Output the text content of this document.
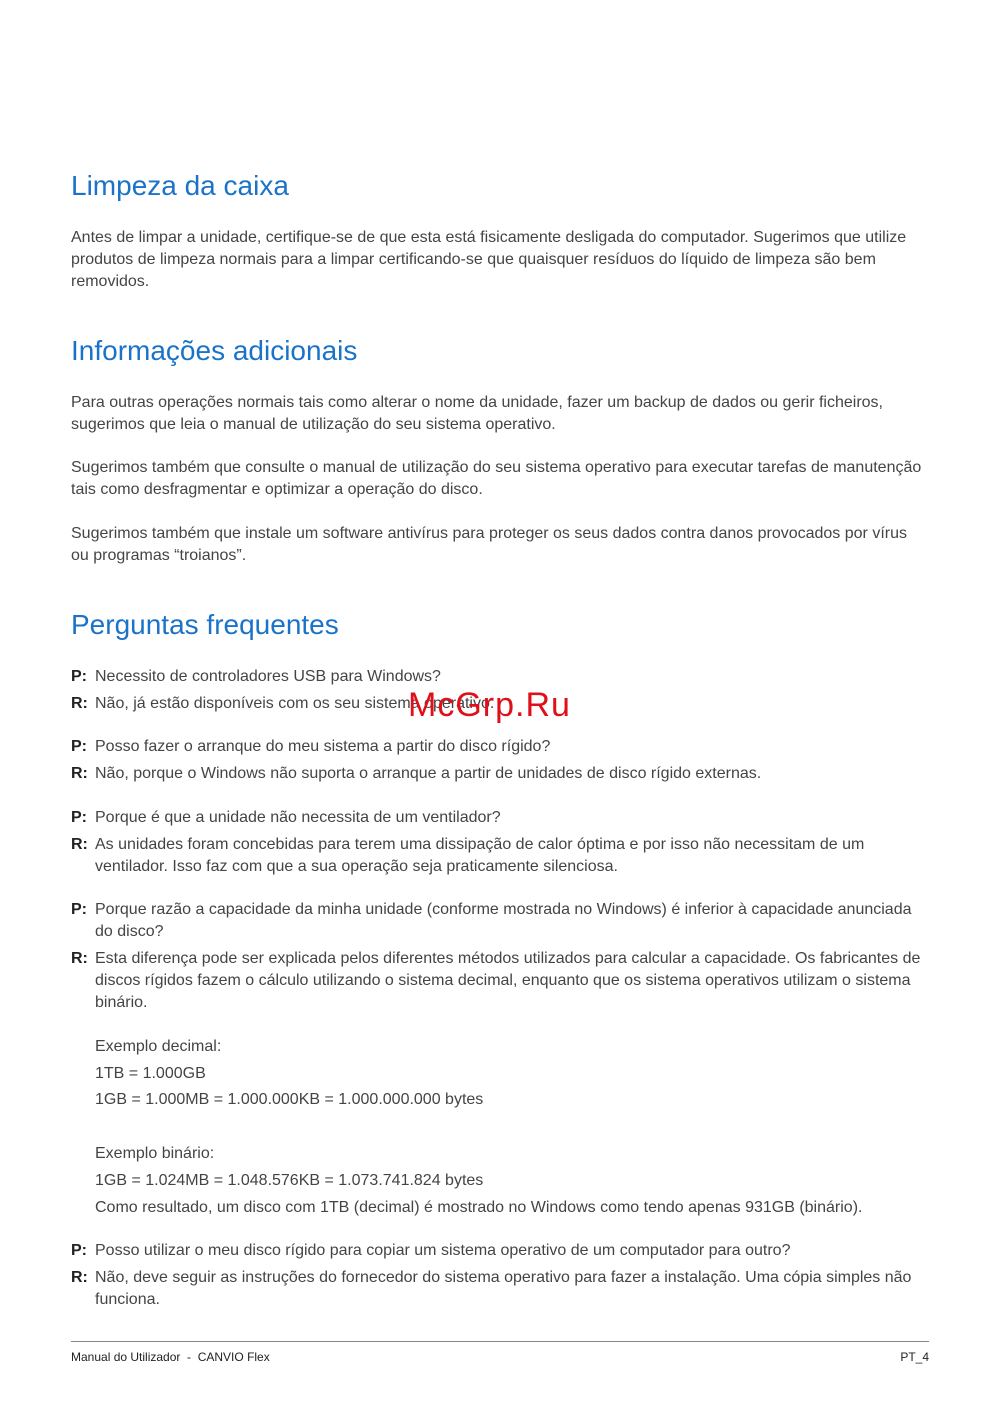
Limpeza da caixa

Antes de limpar a unidade, certifique-se de que esta está fisicamente desligada do computador. Sugerimos que utilize produtos de limpeza normais para a limpar certificando-se que quaisquer resíduos do líquido de limpeza são bem removidos.

Informações adicionais

Para outras operações normais tais como alterar o nome da unidade, fazer um backup de dados ou gerir ficheiros, sugerimos que leia o manual de utilização do seu sistema operativo.

Sugerimos também que consulte o manual de utilização do seu sistema operativo para executar tarefas de manutenção tais como desfragmentar e optimizar a operação do disco.

Sugerimos também que instale um software antivírus para proteger os seus dados contra danos provocados por vírus ou programas “troianos”.

Perguntas frequentes
P: Necessito de controladores USB para Windows?
R: Não, já estão disponíveis com os seu sistema operativo.
P: Posso fazer o arranque do meu sistema a partir do disco rígido?
R: Não, porque o Windows não suporta o arranque a partir de unidades de disco rígido externas.
P: Porque é que a unidade não necessita de um ventilador?
R: As unidades foram concebidas para terem uma dissipação de calor óptima e por isso não necessitam de um ventilador. Isso faz com que a sua operação seja praticamente silenciosa.
P: Porque razão a capacidade da minha unidade (conforme mostrada no Windows) é inferior à capacidade anunciada do disco?
R: Esta diferença pode ser explicada pelos diferentes métodos utilizados para calcular a capacidade. Os fabricantes de discos rígidos fazem o cálculo utilizando o sistema decimal, enquanto que os sistema operativos utilizam o sistema binário.
Exemplo decimal:
1TB = 1.000GB
1GB = 1.000MB = 1.000.000KB = 1.000.000.000 bytes
Exemplo binário:
1GB = 1.024MB = 1.048.576KB = 1.073.741.824 bytes
Como resultado, um disco com 1TB (decimal) é mostrado no Windows como tendo apenas 931GB (binário).
P: Posso utilizar o meu disco rígido para copiar um sistema operativo de um computador para outro?
R: Não, deve seguir as instruções do fornecedor do sistema operativo para fazer a instalação. Uma cópia simples não funciona.
McGrp.Ru
Manual do Utilizador  -  CANVIO Flex	PT_4
